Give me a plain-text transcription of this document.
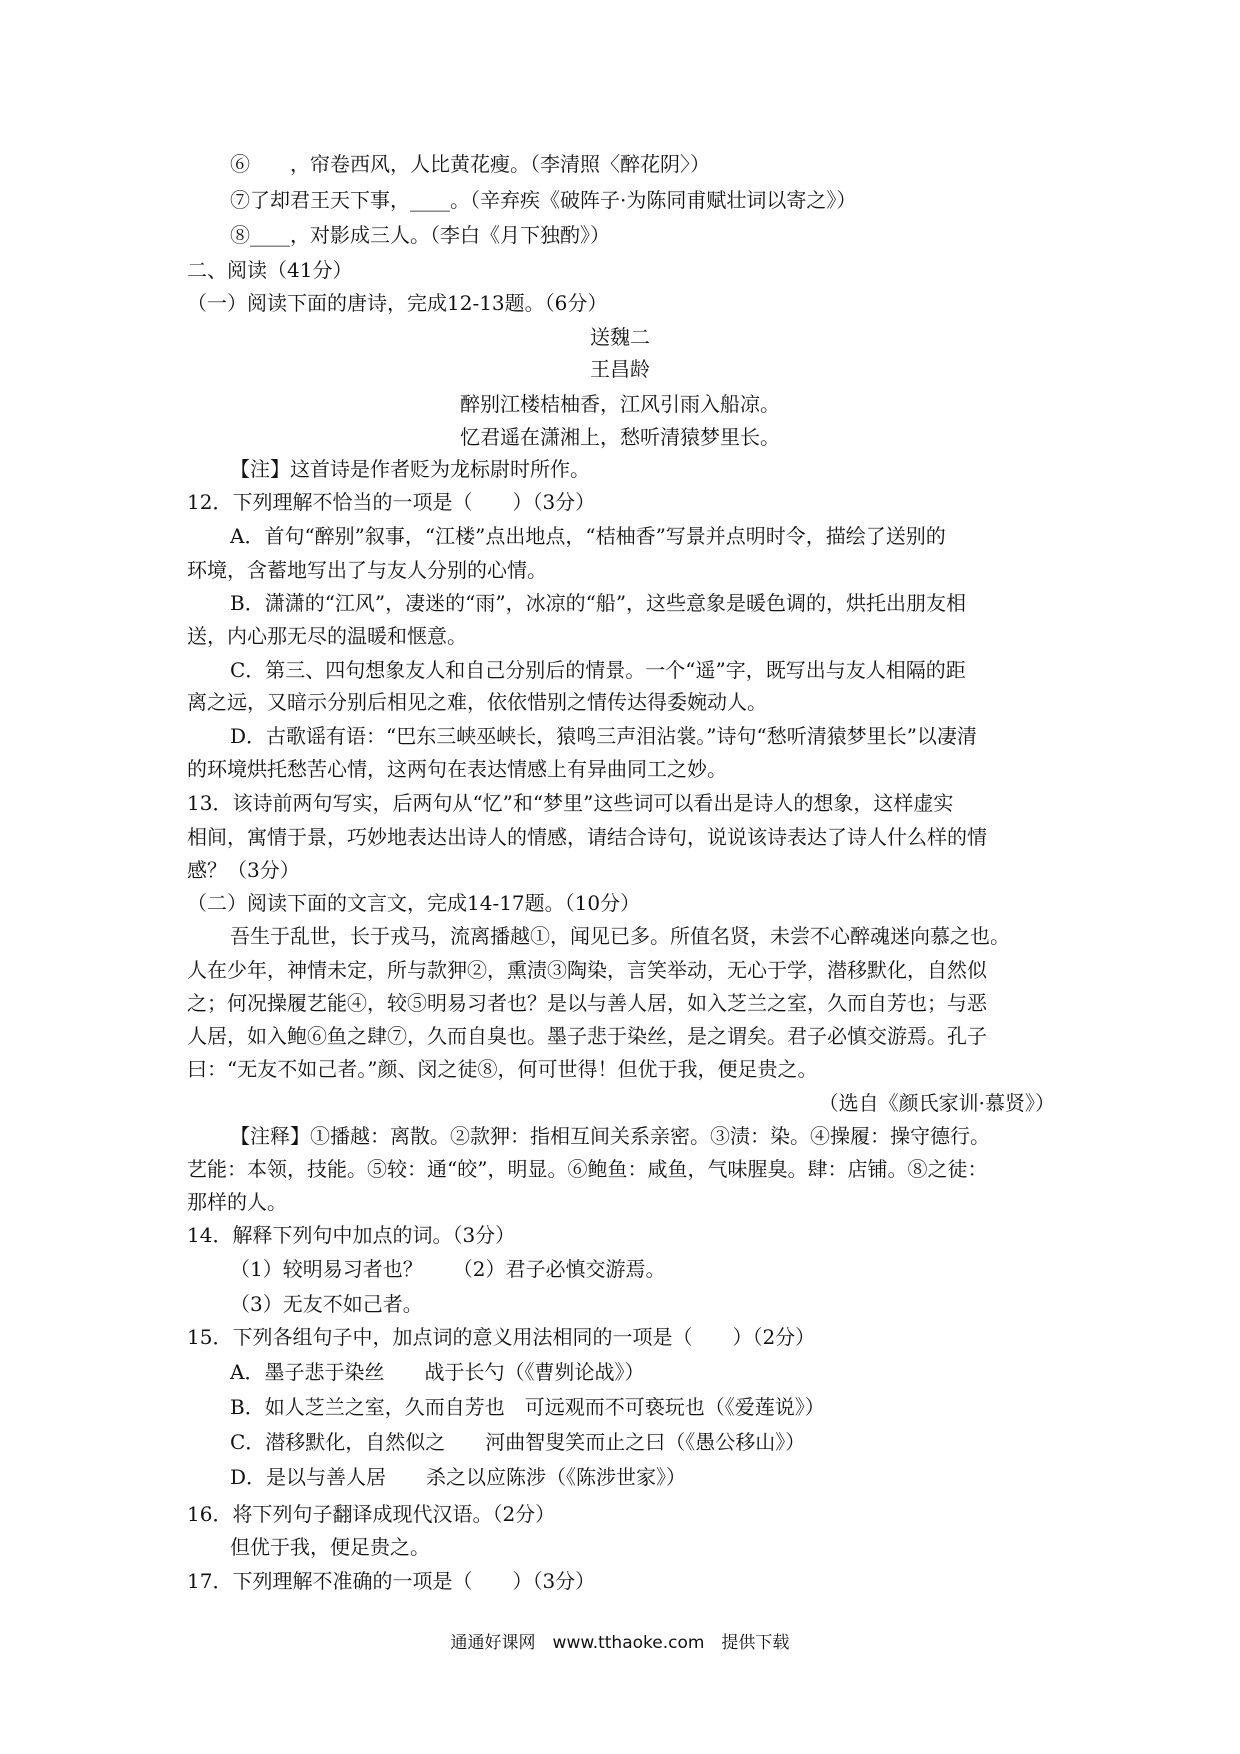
⑥　　，帘卷西风，人比黄花瘦。（李清照〈醉花阴〉）
⑦了却君王天下事，____。（辛弃疾《破阵子·为陈同甫赋壮词以寄之》）
⑧____，对影成三人。（李白《月下独酌》）
二、阅读（41分）
（一）阅读下面的唐诗，完成12-13题。（6分）
送魏二
王昌龄
醉别江楼桔柚香，江风引雨入船凉。
忆君遥在潇湘上，愁听清猿梦里长。
【注】这首诗是作者贬为龙标尉时所作。
12．下列理解不恰当的一项是（　　）（3分）
A．首句“醉别”叙事，“江楼”点出地点，“桔柚香”写景并点明时令，描绘了送别的
环境，含蓄地写出了与友人分别的心情。
B．潇潇的“江风”，凄迷的“雨”，冰凉的“船”，这些意象是暖色调的，烘托出朋友相
送，内心那无尽的温暖和惬意。
C．第三、四句想象友人和自己分别后的情景。一个“遥”字，既写出与友人相隔的距
离之远，又暗示分别后相见之难，依依惜别之情传达得委婉动人。
D．古歌谣有语：“巴东三峡巫峡长，猿鸣三声泪沾裳。”诗句“愁听清猿梦里长”以凄清
的环境烘托愁苦心情，这两句在表达情感上有异曲同工之妙。
13．该诗前两句写实，后两句从“忆”和“梦里”这些词可以看出是诗人的想象，这样虚实
相间，寓情于景，巧妙地表达出诗人的情感，请结合诗句，说说该诗表达了诗人什么样的情
感？（3分）
（二）阅读下面的文言文，完成14-17题。（10分）
吾生于乱世，长于戎马，流离播越①，闻见已多。所值名贤，未尝不心醉魂迷向慕之也。
人在少年，神情未定，所与款狎②，熏渍③陶染，言笑举动，无心于学，潜移默化，自然似
之；何况操履艺能④，较⑤明易习者也？是以与善人居，如入芝兰之室，久而自芳也；与恶
人居，如入鲍⑥鱼之肆⑦，久而自臭也。墨子悲于染丝，是之谓矣。君子必慎交游焉。孔子
曰：“无友不如己者。”颜、闵之徒⑧，何可世得！但优于我，便足贵之。
（选自《颜氏家训·慕贤》）
【注释】①播越：离散。②款狎：指相互间关系亲密。③渍：染。④操履：操守德行。
艺能：本领，技能。⑤较：通“皎”，明显。⑥鲍鱼：咸鱼，气味腥臭。肆：店铺。⑧之徒：
那样的人。
14．解释下列句中加点的词。（3分）
（1）较明易习者也？　　（2）君子必慎交游焉。
（3）无友不如己者。
15．下列各组句子中，加点词的意义用法相同的一项是（　　）（2分）
A．墨子悲于染丝　　战于长勺（《曹刿论战》）
B．如人芝兰之室，久而自芳也　可远观而不可亵玩也（《爱莲说》）
C．潜移默化，自然似之　　河曲智叟笑而止之曰（《愚公移山》）
D．是以与善人居　　杀之以应陈涉（《陈涉世家》）
16．将下列句子翻译成现代汉语。（2分）
但优于我，便足贵之。
17．下列理解不准确的一项是（　　）（3分）
通通好课网　www.tthaoke.com　提供下载
